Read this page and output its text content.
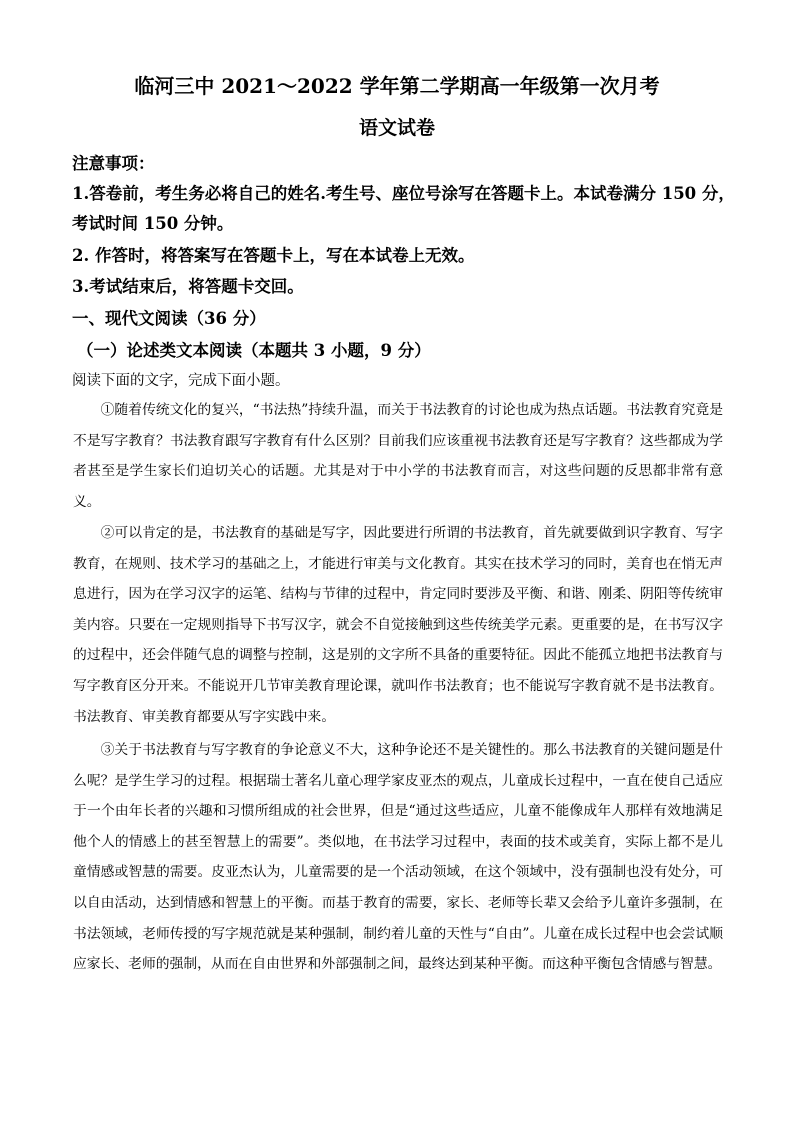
临河三中 2021～2022 学年第二学期高一年级第一次月考
语文试卷
注意事项：
1.答卷前，考生务必将自己的姓名.考生号、座位号涂写在答题卡上。本试卷满分 150 分，
考试时间 150 分钟。
2. 作答时，将答案写在答题卡上，写在本试卷上无效。
3.考试结束后，将答题卡交回。
一、现代文阅读（36 分）
（一）论述类文本阅读（本题共 3 小题，9 分）
阅读下面的文字，完成下面小题。
①随着传统文化的复兴，“书法热”持续升温，而关于书法教育的讨论也成为热点话题。书法教育究竟是不是写字教育？书法教育跟写字教育有什么区别？目前我们应该重视书法教育还是写字教育？这些都成为学者甚至是学生家长们迫切关心的话题。尤其是对于中小学的书法教育而言，对这些问题的反思都非常有意义。
②可以肯定的是，书法教育的基础是写字，因此要进行所谓的书法教育，首先就要做到识字教育、写字教育，在规则、技术学习的基础之上，才能进行审美与文化教育。其实在技术学习的同时，美育也在悄无声息进行，因为在学习汉字的运笔、结构与节律的过程中，肯定同时要涉及平衡、和谐、刚柔、阴阳等传统审美内容。只要在一定规则指导下书写汉字，就会不自觉接触到这些传统美学元素。更重要的是，在书写汉字的过程中，还会伴随气息的调整与控制，这是别的文字所不具备的重要特征。因此不能孤立地把书法教育与写字教育区分开来。不能说开几节审美教育理论课，就叫作书法教育；也不能说写字教育就不是书法教育。书法教育、审美教育都要从写字实践中来。
③关于书法教育与写字教育的争论意义不大，这种争论还不是关键性的。那么书法教育的关键问题是什么呢？是学生学习的过程。根据瑞士著名儿童心理学家皮亚杰的观点，儿童成长过程中，一直在使自己适应于一个由年长者的兴趣和习惯所组成的社会世界，但是“通过这些适应，儿童不能像成年人那样有效地满足他个人的情感上的甚至智慧上的需要”。类似地，在书法学习过程中，表面的技术或美育，实际上都不是儿童情感或智慧的需要。皮亚杰认为，儿童需要的是一个活动领域，在这个领域中，没有强制也没有处分，可以自由活动，达到情感和智慧上的平衡。而基于教育的需要，家长、老师等长辈又会给予儿童许多强制，在书法领域，老师传授的写字规范就是某种强制，制约着儿童的天性与“自由”。儿童在成长过程中也会尝试顺应家长、老师的强制，从而在自由世界和外部强制之间，最终达到某种平衡。而这种平衡包含情感与智慧。
